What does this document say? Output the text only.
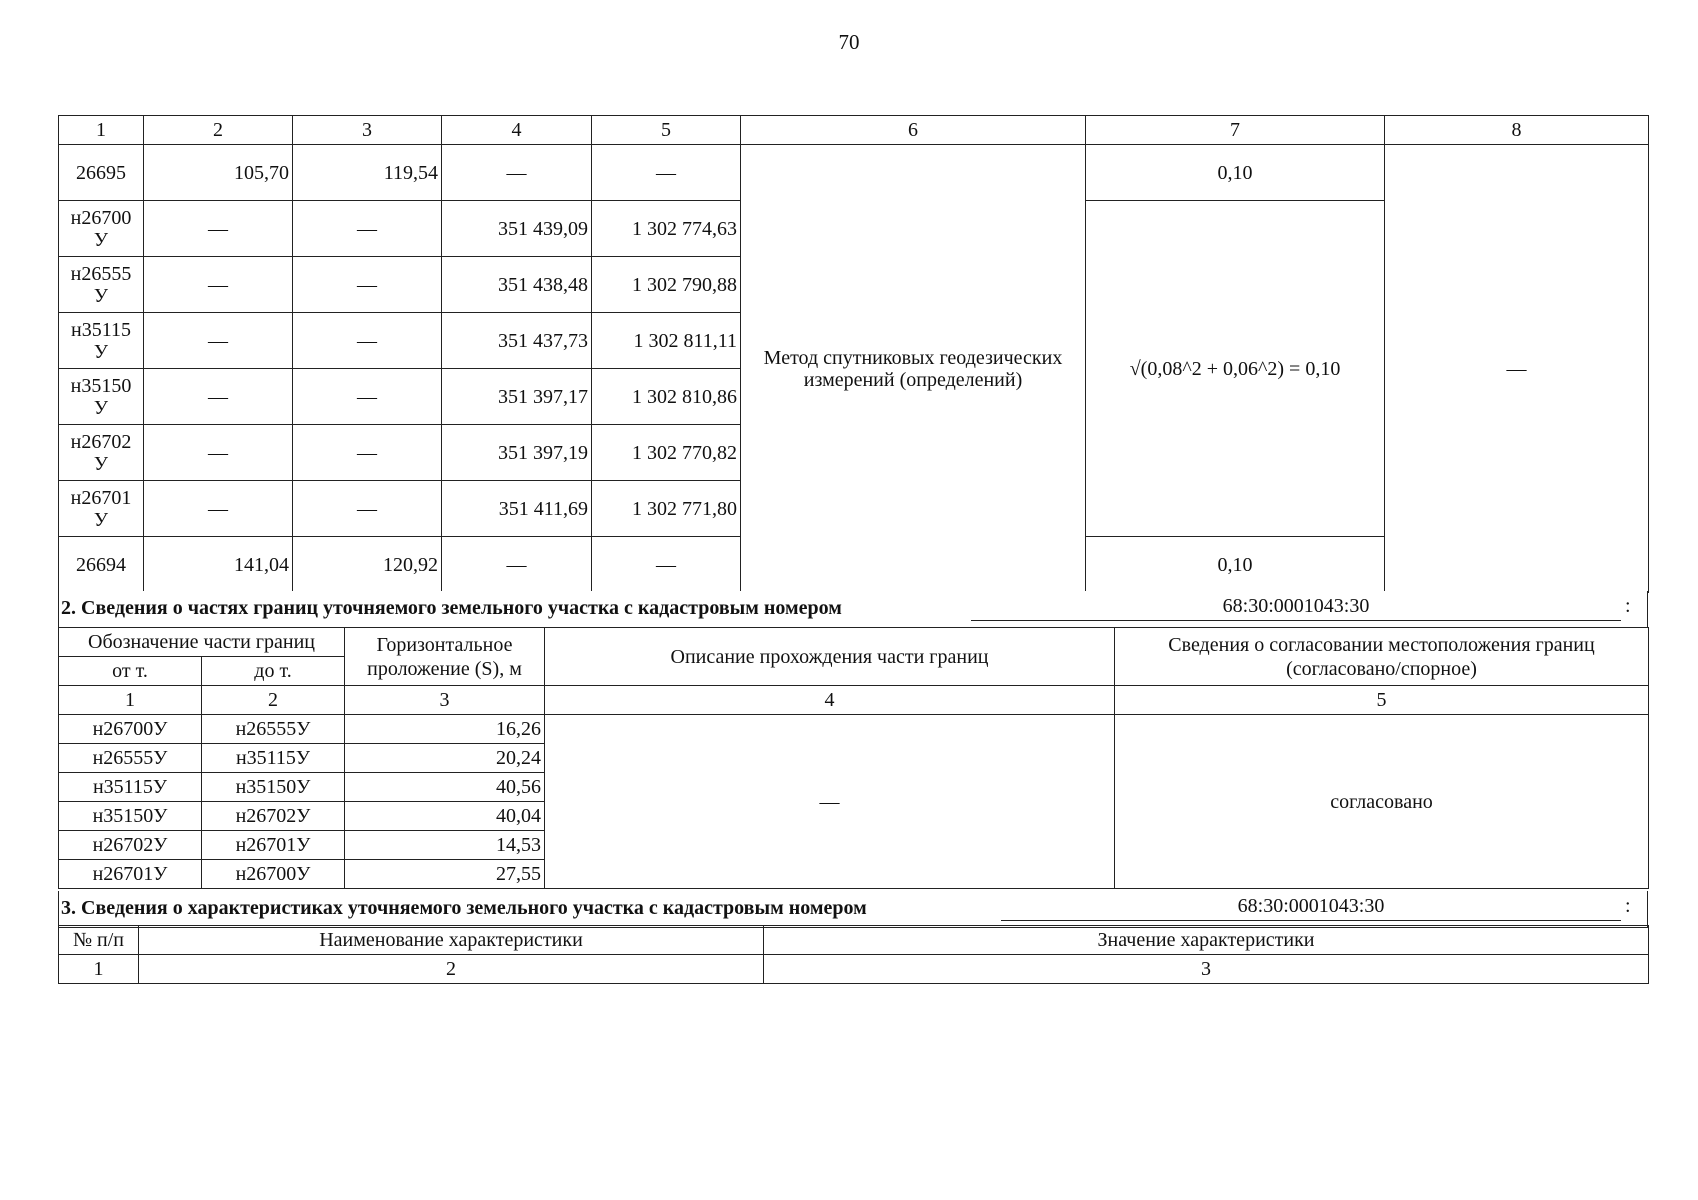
70
1	2	3	4	5	6	7	8
26695	105,70	119,54	—	—	Метод спутниковых геодезических измерений (определений)	0,10	—
н26700
У	—	—	351 439,09	1 302 774,63		√(0,08^2 + 0,06^2) = 0,10	
н26555
У	—	—	351 438,48	1 302 790,88			
н35115
У	—	—	351 437,73	1 302 811,11			
н35150
У	—	—	351 397,17	1 302 810,86			
н26702
У	—	—	351 397,19	1 302 770,82			
н26701
У	—	—	351 411,69	1 302 771,80			
26694	141,04	120,92	—	—		0,10	
2. Сведения о частях границ уточняемого земельного участка с кадастровым номером	68:30:0001043:30	:
Обозначение части границ		Горизонтальное проложение (S), м	Описание прохождения части границ	Сведения о согласовании местоположения границ (согласовано/спорное)
от т.	до т.			
1	2	3	4	5
н26700У	н26555У	16,26	—	согласовано
н26555У	н35115У	20,24		
н35115У	н35150У	40,56		
н35150У	н26702У	40,04		
н26702У	н26701У	14,53		
н26701У	н26700У	27,55		
3. Сведения о характеристиках уточняемого земельного участка с кадастровым номером	68:30:0001043:30	:
№ п/п	Наименование характеристики	Значение характеристики
1	2	3
